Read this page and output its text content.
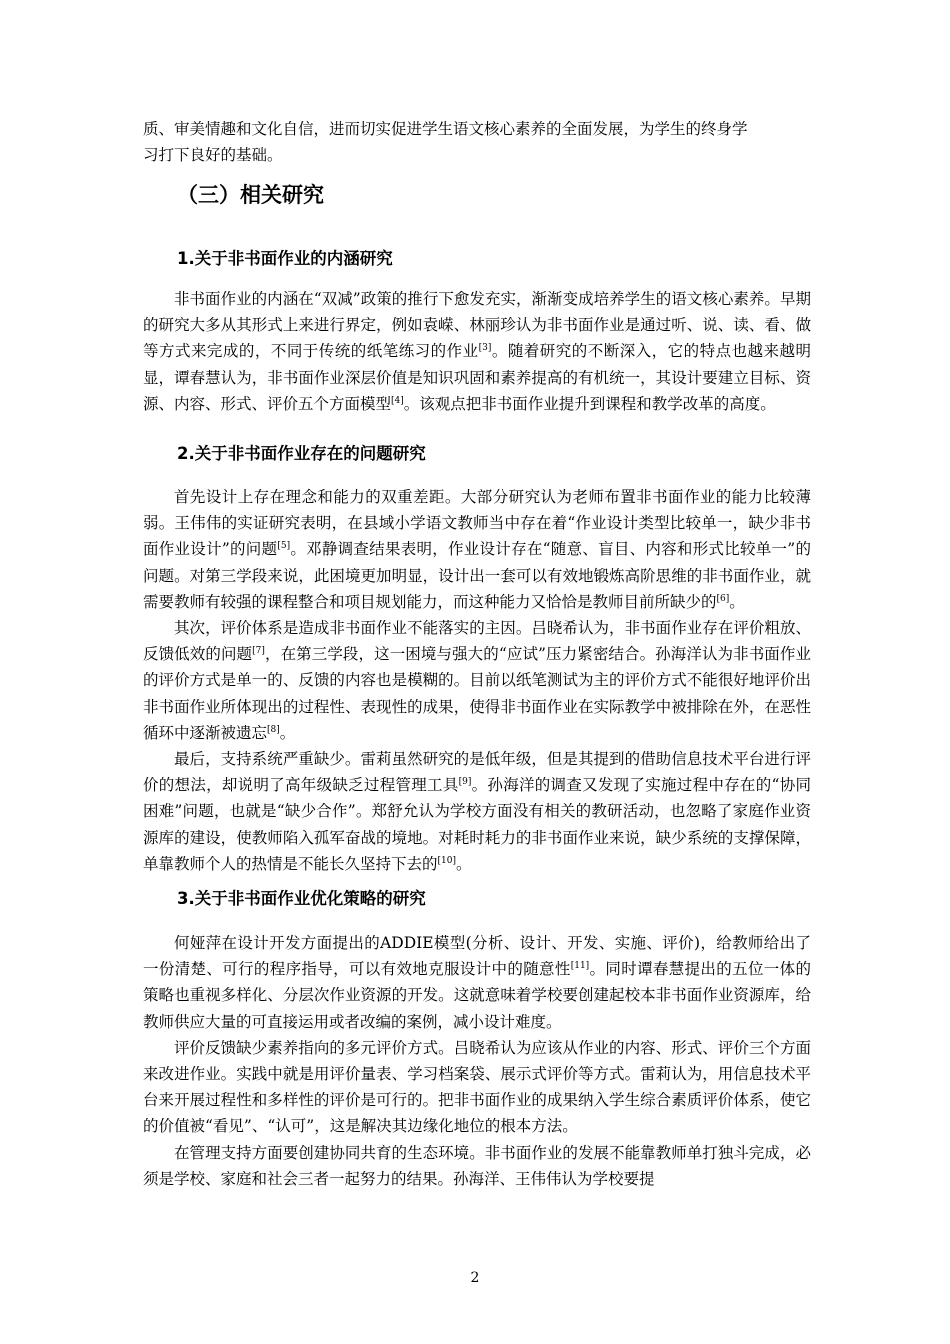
质、审美情趣和文化自信，进而切实促进学生语文核心素养的全面发展，为学生的终身学

习打下良好的基础。

（三）相关研究
1.关于非书面作业的内涵研究

非书面作业的内涵在“双减”政策的推行下愈发充实，渐渐变成培养学生的语文核心素养。早期的研究大多从其形式上来进行界定，例如袁嵘、林丽珍认为非书面作业是通过听、说、读、看、做等方式来完成的，不同于传统的纸笔练习的作业[3]。随着研究的不断深入，它的特点也越来越明显，谭春慧认为，非书面作业深层价值是知识巩固和素养提高的有机统一，其设计要建立目标、资源、内容、形式、评价五个方面模型[4]。该观点把非书面作业提升到课程和教学改革的高度。

2.关于非书面作业存在的问题研究

首先设计上存在理念和能力的双重差距。大部分研究认为老师布置非书面作业的能力比较薄弱。王伟伟的实证研究表明，在县域小学语文教师当中存在着“作业设计类型比较单一，缺少非书面作业设计”的问题[5]。邓静调查结果表明，作业设计存在“随意、盲目、内容和形式比较单一”的问题。对第三学段来说，此困境更加明显，设计出一套可以有效地锻炼高阶思维的非书面作业，就需要教师有较强的课程整合和项目规划能力，而这种能力又恰恰是教师目前所缺少的[6]。

其次，评价体系是造成非书面作业不能落实的主因。吕晓希认为，非书面作业存在评价粗放、反馈低效的问题[7]，在第三学段，这一困境与强大的“应试”压力紧密结合。孙海洋认为非书面作业的评价方式是单一的、反馈的内容也是模糊的。目前以纸笔测试为主的评价方式不能很好地评价出非书面作业所体现出的过程性、表现性的成果，使得非书面作业在实际教学中被排除在外，在恶性循环中逐渐被遗忘[8]。

最后，支持系统严重缺少。雷莉虽然研究的是低年级，但是其提到的借助信息技术平台进行评价的想法，却说明了高年级缺乏过程管理工具[9]。孙海洋的调查又发现了实施过程中存在的“协同困难”问题，也就是“缺少合作”。郑舒允认为学校方面没有相关的教研活动，也忽略了家庭作业资源库的建设，使教师陷入孤军奋战的境地。对耗时耗力的非书面作业来说，缺少系统的支撑保障，单靠教师个人的热情是不能长久坚持下去的[10]。

3.关于非书面作业优化策略的研究

何娅萍在设计开发方面提出的ADDIE模型(分析、设计、开发、实施、评价)，给教师给出了一份清楚、可行的程序指导，可以有效地克服设计中的随意性[11]。同时谭春慧提出的五位一体的策略也重视多样化、分层次作业资源的开发。这就意味着学校要创建起校本非书面作业资源库，给教师供应大量的可直接运用或者改编的案例，减小设计难度。

评价反馈缺少素养指向的多元评价方式。吕晓希认为应该从作业的内容、形式、评价三个方面来改进作业。实践中就是用评价量表、学习档案袋、展示式评价等方式。雷莉认为，用信息技术平台来开展过程性和多样性的评价是可行的。把非书面作业的成果纳入学生综合素质评价体系，使它的价值被“看见”、“认可”，这是解决其边缘化地位的根本方法。

在管理支持方面要创建协同共育的生态环境。非书面作业的发展不能靠教师单打独斗完成，必须是学校、家庭和社会三者一起努力的结果。孙海洋、王伟伟认为学校要提

2
